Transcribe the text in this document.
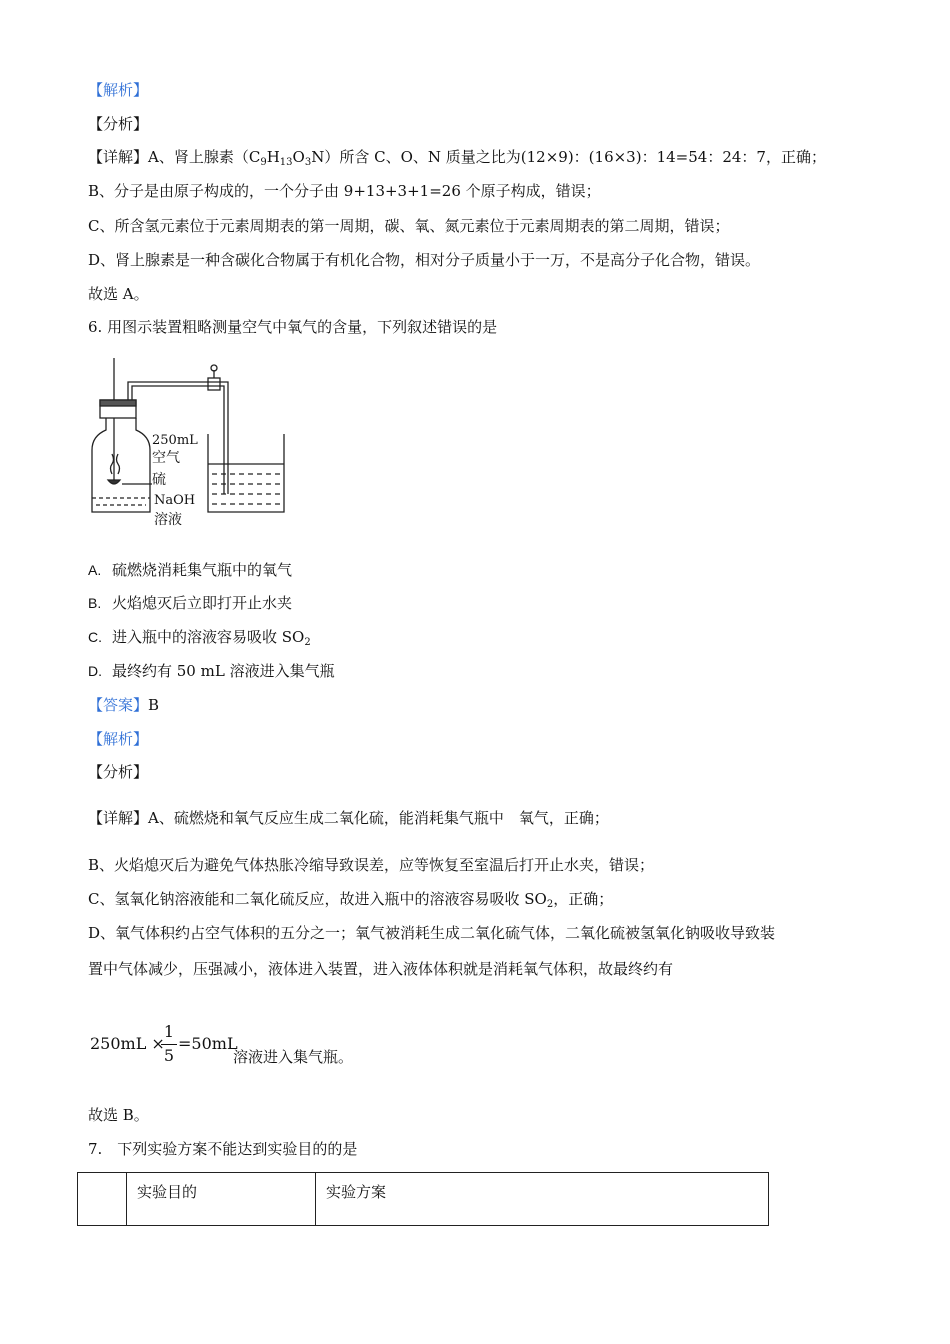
【解析】
【分析】
【详解】A、肾上腺素$(C_9H_{13}O_3N)$所含 C、O、N 质量之比为(12×9)：(16×3)：14=54：24：7，正确；
B、分子是由原子构成的，一个分子由 9+13+3+1=26 个原子构成，错误；
C、所含氢元素位于元素周期表的第一周期，碳、氧、氮元素位于元素周期表的第二周期，错误；
D、肾上腺素是一种含碳化合物属于有机化合物，相对分子质量小于一万，不是高分子化合物，错误。
故选 A。
6. 用图示装置粗略测量空气中氧气的含量，下列叙述错误的是
250mL
空气
硫
NaOH
溶液
A. 硫燃烧消耗集气瓶中的氧气
B. 火焰熄灭后立即打开止水夹
C. 进入瓶中的溶液容易吸收 $SO_2$
D. 最终约有 50 mL 溶液进入集气瓶
【答案】B
【解析】
【分析】
【详解】A、硫燃烧和氧气反应生成二氧化硫，能消耗集气瓶中　氧气，正确；
B、火焰熄灭后为避免气体热胀冷缩导致误差，应等恢复至室温后打开止水夹，错误；
C、氢氧化钠溶液能和二氧化硫反应，故进入瓶中的溶液容易吸收 $SO_2$，正确；
D、氧气体积约占空气体积的五分之一；氧气被消耗生成二氧化硫气体，二氧化硫被氢氧化钠吸收导致装
置中气体减少，压强减小，液体进入装置，进入液体体积就是消耗氧气体积，故最终约有
250mL ×
1
5
=50mL
溶液进入集气瓶。
故选 B。
7.　下列实验方案不能达到实验目的的是
	实验目的	实验方案
